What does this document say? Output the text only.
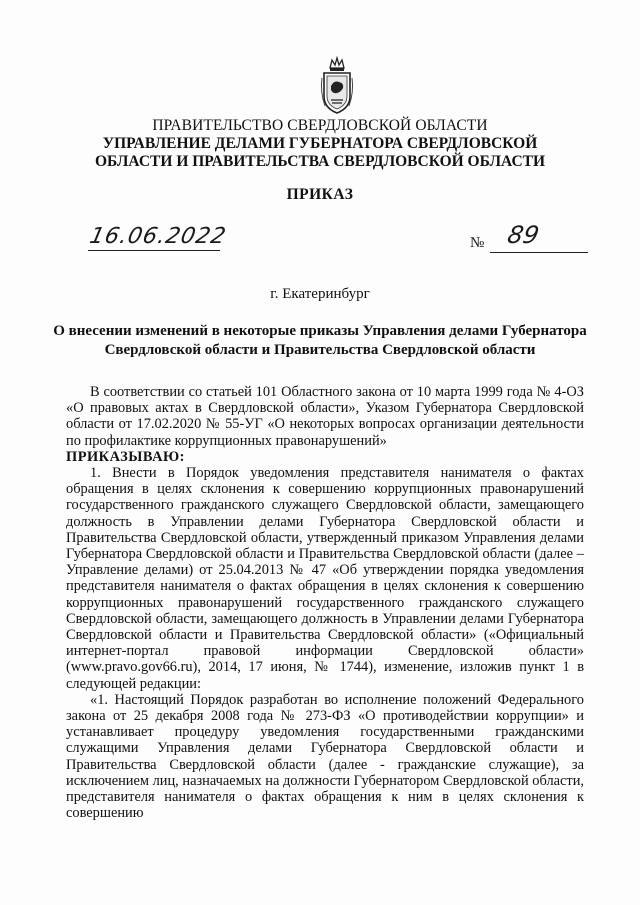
ПРАВИТЕЛЬСТВО СВЕРДЛОВСКОЙ ОБЛАСТИ
УПРАВЛЕНИЕ ДЕЛАМИ ГУБЕРНАТОРА СВЕРДЛОВСКОЙ
ОБЛАСТИ И ПРАВИТЕЛЬСТВА СВЕРДЛОВСКОЙ ОБЛАСТИ
ПРИКАЗ
16.06.2022	№ 89
г. Екатеринбург
О внесении изменений в некоторые приказы Управления делами Губернатора
Свердловской области и Правительства Свердловской области

В соответствии со статьей 101 Областного закона от 10 марта 1999 года № 4-ОЗ «О правовых актах в Свердловской области», Указом Губернатора Свердловской области от 17.02.2020 № 55-УГ «О некоторых вопросах организации деятельности по профилактике коррупционных правонарушений»

ПРИКАЗЫВАЮ:

1. Внести в Порядок уведомления представителя нанимателя о фактах обращения в целях склонения к совершению коррупционных правонарушений государственного гражданского служащего Свердловской области, замещающего должность в Управлении делами Губернатора Свердловской области и Правительства Свердловской области, утвержденный приказом Управления делами Губернатора Свердловской области и Правительства Свердловской области (далее – Управление делами) от 25.04.2013 № 47 «Об утверждении порядка уведомления представителя нанимателя о фактах обращения в целях склонения к совершению коррупционных правонарушений государственного гражданского служащего Свердловской области, замещающего должность в Управлении делами Губернатора Свердловской области и Правительства Свердловской области» («Официальный интернет-портал правовой информации Свердловской области» (www.pravo.gov66.ru), 2014, 17 июня, № 1744), изменение, изложив пункт 1 в следующей редакции:

«1. Настоящий Порядок разработан во исполнение положений Федерального закона от 25 декабря 2008 года № 273-ФЗ «О противодействии коррупции» и устанавливает процедуру уведомления государственными гражданскими служащими Управления делами Губернатора Свердловской области и Правительства Свердловской области (далее - гражданские служащие), за исключением лиц, назначаемых на должности Губернатором Свердловской области, представителя нанимателя о фактах обращения к ним в целях склонения к совершению
